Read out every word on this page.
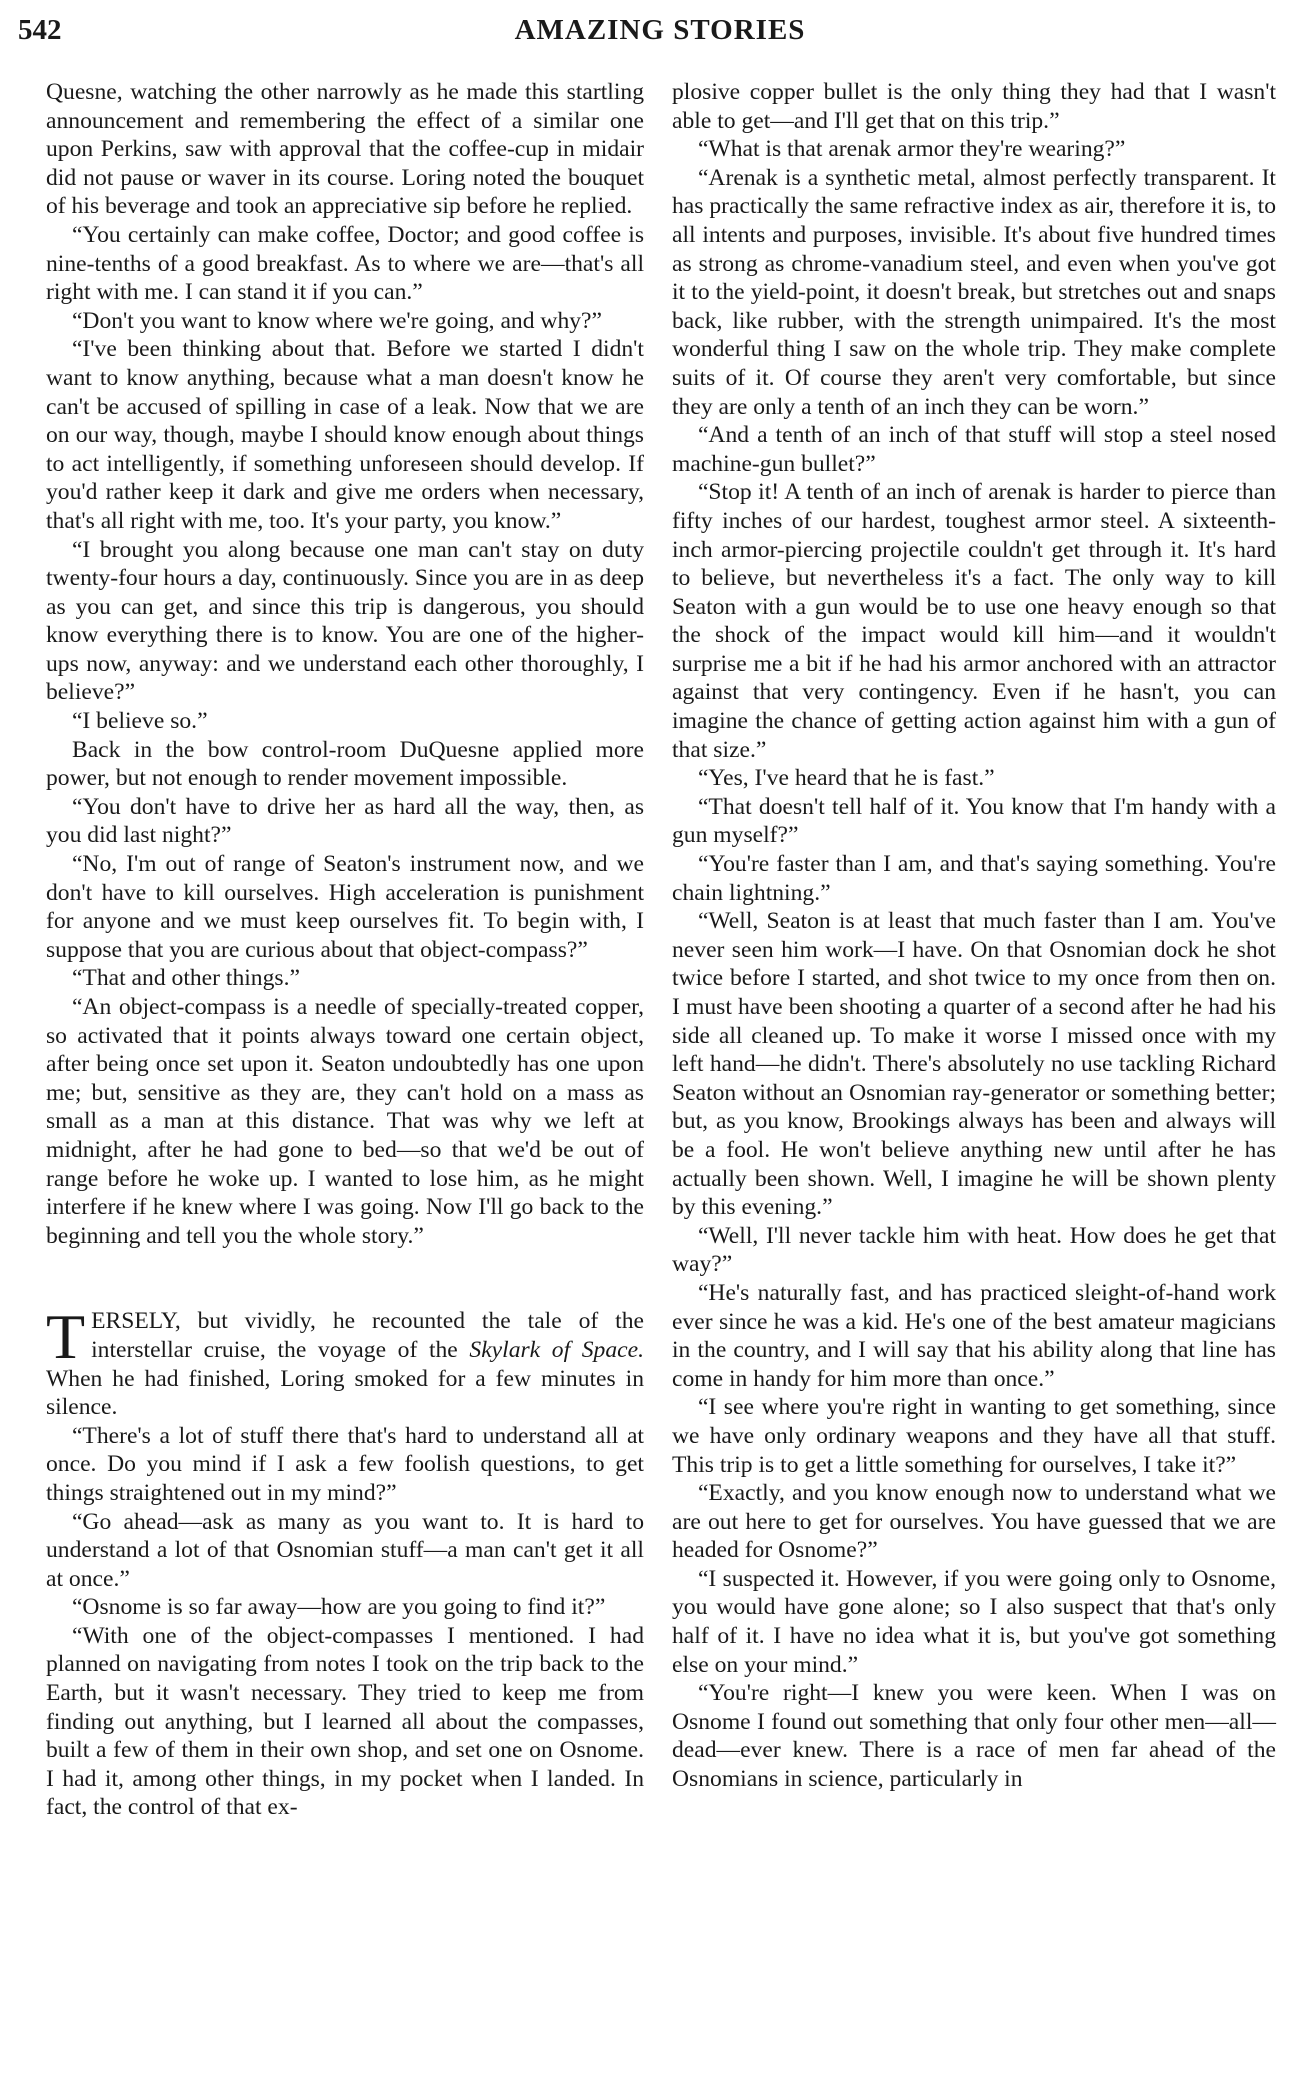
542	AMAZING STORIES

Quesne, watching the other narrowly as he made this startling announcement and remembering the effect of a similar one upon Perkins, saw with approval that the coffee-cup in midair did not pause or waver in its course. Loring noted the bouquet of his beverage and took an appreciative sip before he replied.

“You certainly can make coffee, Doctor; and good coffee is nine-tenths of a good breakfast. As to where we are—that's all right with me. I can stand it if you can.”

“Don't you want to know where we're going, and why?”

“I've been thinking about that. Before we started I didn't want to know anything, because what a man doesn't know he can't be accused of spilling in case of a leak. Now that we are on our way, though, maybe I should know enough about things to act intelligently, if something unforeseen should develop. If you'd rather keep it dark and give me orders when necessary, that's all right with me, too. It's your party, you know.”

“I brought you along because one man can't stay on duty twenty-four hours a day, continuously. Since you are in as deep as you can get, and since this trip is dangerous, you should know everything there is to know. You are one of the higher-ups now, anyway: and we understand each other thoroughly, I believe?”

“I believe so.”

Back in the bow control-room DuQuesne applied more power, but not enough to render movement impossible.

“You don't have to drive her as hard all the way, then, as you did last night?”

“No, I'm out of range of Seaton's instrument now, and we don't have to kill ourselves. High acceleration is punishment for anyone and we must keep ourselves fit. To begin with, I suppose that you are curious about that object-compass?”

“That and other things.”

“An object-compass is a needle of specially-treated copper, so activated that it points always toward one certain object, after being once set upon it. Seaton undoubtedly has one upon me; but, sensitive as they are, they can't hold on a mass as small as a man at this distance. That was why we left at midnight, after he had gone to bed—so that we'd be out of range before he woke up. I wanted to lose him, as he might interfere if he knew where I was going. Now I'll go back to the beginning and tell you the whole story.”

TERSELY, but vividly, he recounted the tale of the interstellar cruise, the voyage of the Skylark of Space. When he had finished, Loring smoked for a few minutes in silence.

“There's a lot of stuff there that's hard to understand all at once. Do you mind if I ask a few foolish questions, to get things straightened out in my mind?”

“Go ahead—ask as many as you want to. It is hard to understand a lot of that Osnomian stuff—a man can't get it all at once.”

“Osnome is so far away—how are you going to find it?”

“With one of the object-compasses I mentioned. I had planned on navigating from notes I took on the trip back to the Earth, but it wasn't necessary. They tried to keep me from finding out anything, but I learned all about the compasses, built a few of them in their own shop, and set one on Osnome. I had it, among other things, in my pocket when I landed. In fact, the control of that ex-

plosive copper bullet is the only thing they had that I wasn't able to get—and I'll get that on this trip.”

“What is that arenak armor they're wearing?”

“Arenak is a synthetic metal, almost perfectly transparent. It has practically the same refractive index as air, therefore it is, to all intents and purposes, invisible. It's about five hundred times as strong as chrome-vanadium steel, and even when you've got it to the yield-point, it doesn't break, but stretches out and snaps back, like rubber, with the strength unimpaired. It's the most wonderful thing I saw on the whole trip. They make complete suits of it. Of course they aren't very comfortable, but since they are only a tenth of an inch they can be worn.”

“And a tenth of an inch of that stuff will stop a steel nosed machine-gun bullet?”

“Stop it! A tenth of an inch of arenak is harder to pierce than fifty inches of our hardest, toughest armor steel. A sixteenth-inch armor-piercing projectile couldn't get through it. It's hard to believe, but nevertheless it's a fact. The only way to kill Seaton with a gun would be to use one heavy enough so that the shock of the impact would kill him—and it wouldn't surprise me a bit if he had his armor anchored with an attractor against that very contingency. Even if he hasn't, you can imagine the chance of getting action against him with a gun of that size.”

“Yes, I've heard that he is fast.”

“That doesn't tell half of it. You know that I'm handy with a gun myself?”

“You're faster than I am, and that's saying something. You're chain lightning.”

“Well, Seaton is at least that much faster than I am. You've never seen him work—I have. On that Osnomian dock he shot twice before I started, and shot twice to my once from then on. I must have been shooting a quarter of a second after he had his side all cleaned up. To make it worse I missed once with my left hand—he didn't. There's absolutely no use tackling Richard Seaton without an Osnomian ray-generator or something better; but, as you know, Brookings always has been and always will be a fool. He won't believe anything new until after he has actually been shown. Well, I imagine he will be shown plenty by this evening.”

“Well, I'll never tackle him with heat. How does he get that way?”

“He's naturally fast, and has practiced sleight-of-hand work ever since he was a kid. He's one of the best amateur magicians in the country, and I will say that his ability along that line has come in handy for him more than once.”

“I see where you're right in wanting to get something, since we have only ordinary weapons and they have all that stuff. This trip is to get a little something for ourselves, I take it?”

“Exactly, and you know enough now to understand what we are out here to get for ourselves. You have guessed that we are headed for Osnome?”

“I suspected it. However, if you were going only to Osnome, you would have gone alone; so I also suspect that that's only half of it. I have no idea what it is, but you've got something else on your mind.”

“You're right—I knew you were keen. When I was on Osnome I found out something that only four other men—all—dead—ever knew. There is a race of men far ahead of the Osnomians in science, particularly in
